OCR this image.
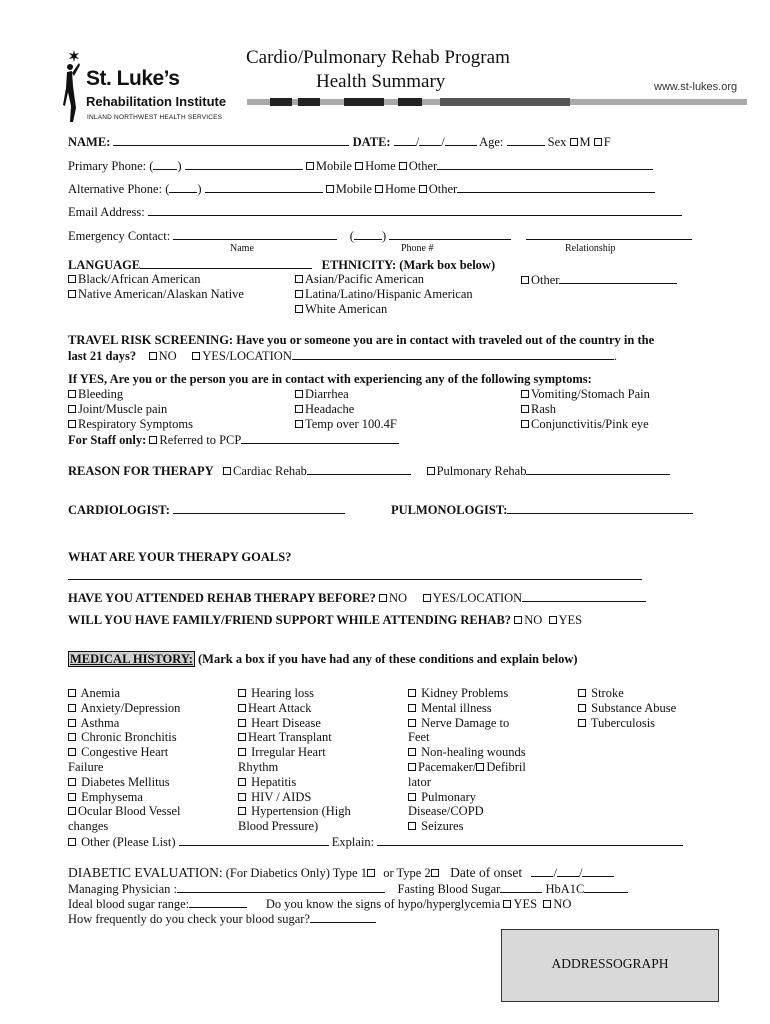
St. Luke’s
Rehabilitation Institute
INLAND NORTHWEST HEALTH SERVICES
Cardio/Pulmonary Rehab Program
Health Summary	www.st-lukes.org
NAME:	DATE: / /	Age:	Sex M F
Primary Phone: ( )	Mobile Home Other
Alternative Phone: ( )	Mobile Home Other
Email Address:
Emergency Contact:	( )
Name	Phone #	Relationship
LANGUAGE	ETHNICITY: (Mark box below)
Black/African American
Native American/Alaskan Native
Asian/Pacific American
Latina/Latino/Hispanic American
White American
Other
TRAVEL RISK SCREENING: Have you or someone you are in contact with traveled out of the country in the
last 21 days? NO YES/LOCATION	.
If YES, Are you or the person you are in contact with experiencing any of the following symptoms:
Bleeding
Joint/Muscle pain
Respiratory Symptoms
Diarrhea
Headache
Temp over 100.4F
Vomiting/Stomach Pain
Rash
Conjunctivitis/Pink eye
For Staff only: Referred to PCP
REASON FOR THERAPY Cardiac Rehab	Pulmonary Rehab
CARDIOLOGIST:	PULMONOLOGIST:
WHAT ARE YOUR THERAPY GOALS?
HAVE YOU ATTENDED REHAB THERAPY BEFORE? NO YES/LOCATION
WILL YOU HAVE FAMILY/FRIEND SUPPORT WHILE ATTENDING REHAB? NO YES
MEDICAL HISTORY: (Mark a box if you have had any of these conditions and explain below)
Anemia
Anxiety/Depression
Asthma
Chronic Bronchitis
Congestive Heart
Failure
Diabetes Mellitus
Emphysema
Ocular Blood Vessel
changes
Hearing loss
Heart Attack
Heart Disease
Heart Transplant
Irregular Heart
Rhythm
Hepatitis
HIV / AIDS
Hypertension (High
Blood Pressure)
Kidney Problems
Mental illness
Nerve Damage to
Feet
Non-healing wounds
Pacemaker/ Defibril
lator
Pulmonary
Disease/COPD
Seizures
Stroke
Substance Abuse
Tuberculosis
Other (Please List)	Explain:
DIABETIC EVALUATION: (For Diabetics Only) Type 1 or Type 2 Date of onset	/ /
Managing Physician :	Fasting Blood Sugar	HbA1C
Ideal blood sugar range:	Do you know the signs of hypo/hyperglycemia YES NO
How frequently do you check your blood sugar?
ADDRESSOGRAPH
